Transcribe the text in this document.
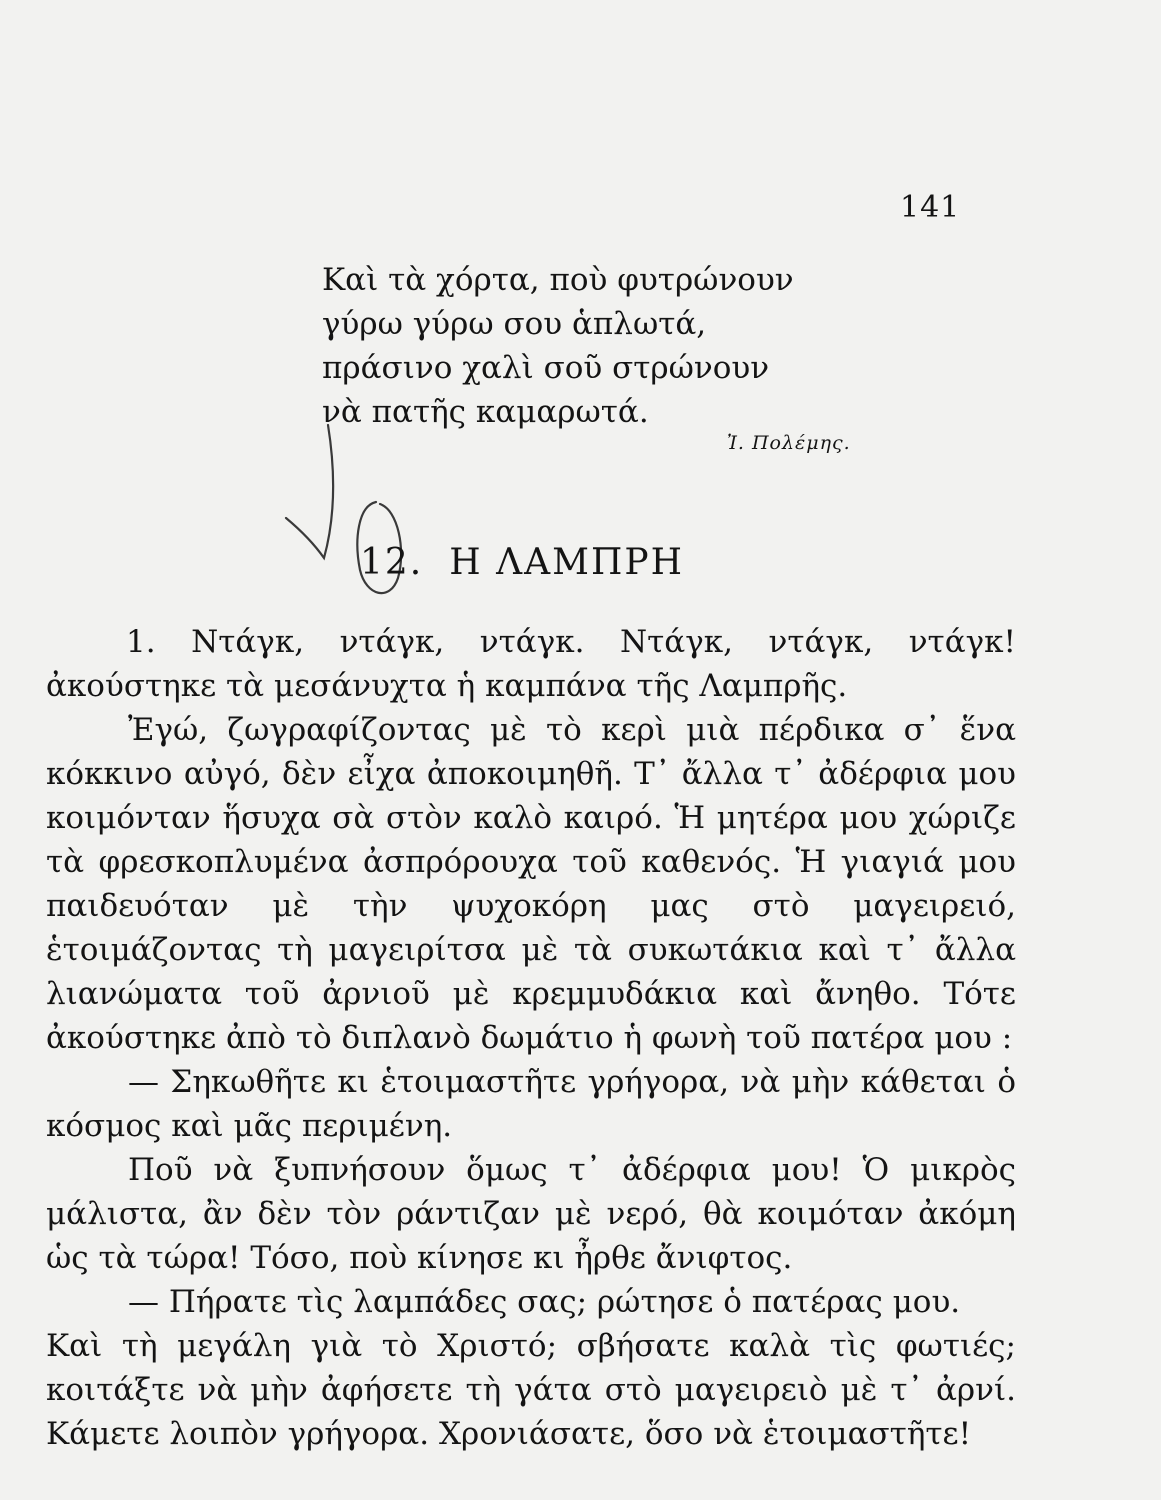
141
Καὶ τὰ χόρτα, ποὺ φυτρώνουν
γύρω γύρω σου ἁπλωτά,
πράσινο χαλὶ σοῦ στρώνουν
νὰ πατῆς καμαρωτά.
Ἰ. Πολέμης.
12. Η ΛΑΜΠΡΗ

1. Ντάγκ, ντάγκ, ντάγκ. Ντάγκ, ντάγκ, ντάγκ! ἀκούστηκε τὰ μεσάνυχτα ἡ καμπάνα τῆς Λαμπρῆς.

Ἐγώ, ζωγραφίζοντας μὲ τὸ κερὶ μιὰ πέρδικα σ᾽ ἕνα κόκκινο αὐγό, δὲν εἶχα ἀποκοιμηθῆ. Τ᾽ ἄλλα τ᾽ ἀδέρφια μου κοιμόνταν ἥσυχα σὰ στὸν καλὸ καιρό. Ἡ μητέρα μου χώριζε τὰ φρεσκοπλυμένα ἀσπρόρουχα τοῦ καθενός. Ἡ γιαγιά μου παιδευόταν μὲ τὴν ψυχοκόρη μας στὸ μαγειρειό, ἑτοιμάζοντας τὴ μαγειρίτσα μὲ τὰ συκωτάκια καὶ τ᾽ ἄλλα λιανώματα τοῦ ἀρνιοῦ μὲ κρεμμυδάκια καὶ ἄνηθο. Τότε ἀκούστηκε ἀπὸ τὸ διπλανὸ δωμάτιο ἡ φωνὴ τοῦ πατέρα μου :

— Σηκωθῆτε κι ἑτοιμαστῆτε γρήγορα, νὰ μὴν κάθεται ὁ κόσμος καὶ μᾶς περιμένη.

Ποῦ νὰ ξυπνήσουν ὅμως τ᾽ ἀδέρφια μου! Ὁ μικρὸς μάλιστα, ἂν δὲν τὸν ράντιζαν μὲ νερό, θὰ κοιμόταν ἀκόμη ὡς τὰ τώρα! Τόσο, ποὺ κίνησε κι ἦρθε ἄνιφτος.

— Πήρατε τὶς λαμπάδες σας; ρώτησε ὁ πατέρας μου.

Καὶ τὴ μεγάλη γιὰ τὸ Χριστό; σβήσατε καλὰ τὶς φωτιές; κοιτάξτε νὰ μὴν ἀφήσετε τὴ γάτα στὸ μαγειρειὸ μὲ τ᾽ ἀρνί. Κάμετε λοιπὸν γρήγορα. Χρονιάσατε, ὅσο νὰ ἑτοιμαστῆτε!
